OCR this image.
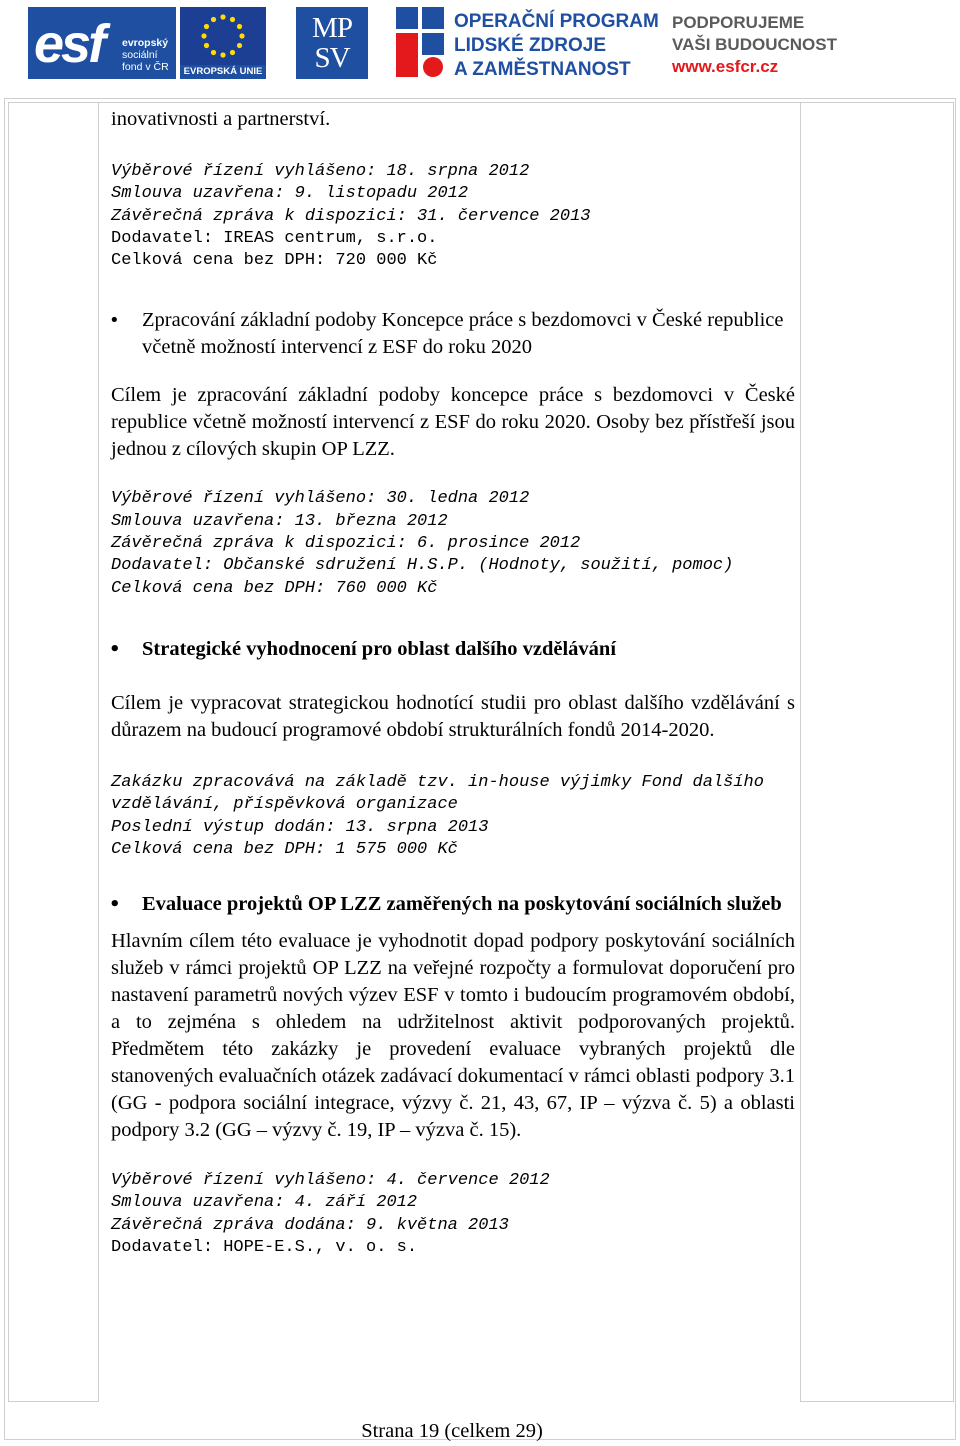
esf evropský
sociální
fond v ČR	EVROPSKÁ UNIE
MP
SV
OPERAČNÍ PROGRAM
LIDSKÉ ZDROJE
A ZAMĚSTNANOST
PODPORUJEME
VAŠI BUDOUCNOST
www.esfcr.cz

inovativnosti a partnerství.

Výběrové řízení vyhlášeno: 18. srpna 2012

Smlouva uzavřena: 9. listopadu 2012

Závěrečná zpráva k dispozici: 31. července 2013

Dodavatel: IREAS centrum, s.r.o.

Celková cena bez DPH: 720 000 Kč

• Zpracování základní podoby Koncepce práce s bezdomovci v České republice včetně možností intervencí z ESF do roku 2020

Cílem je zpracování základní podoby koncepce práce s bezdomovci v České republice včetně možností intervencí z ESF do roku 2020. Osoby bez přístřeší jsou jednou z cílových skupin OP LZZ.

Výběrové řízení vyhlášeno: 30. ledna 2012

Smlouva uzavřena: 13. března 2012

Závěrečná zpráva k dispozici: 6. prosince 2012

Dodavatel: Občanské sdružení H.S.P. (Hodnoty, soužití, pomoc)

Celková cena bez DPH: 760 000 Kč

• Strategické vyhodnocení pro oblast dalšího vzdělávání

Cílem je vypracovat strategickou hodnotící studii pro oblast dalšího vzdělávání s důrazem na budoucí programové období strukturálních fondů 2014-2020.

Zakázku zpracovává na základě tzv. in-house výjimky Fond dalšího vzdělávání, příspěvková organizace

Poslední výstup dodán: 13. srpna 2013

Celková cena bez DPH: 1 575 000 Kč

• Evaluace projektů OP LZZ zaměřených na poskytování sociálních služeb

Hlavním cílem této evaluace je vyhodnotit dopad podpory poskytování sociálních služeb v rámci projektů OP LZZ na veřejné rozpočty a formulovat doporučení pro nastavení parametrů nových výzev ESF v tomto i budoucím programovém období, a to zejména s ohledem na udržitelnost aktivit podporovaných projektů. Předmětem této zakázky je provedení evaluace vybraných projektů dle stanovených evaluačních otázek zadávací dokumentací v rámci oblasti podpory 3.1 (GG - podpora sociální integrace, výzvy č. 21, 43, 67, IP – výzva č. 5) a oblasti podpory 3.2 (GG – výzvy č. 19, IP – výzva č. 15).

Výběrové řízení vyhlášeno: 4. července 2012

Smlouva uzavřena: 4. září 2012

Závěrečná zpráva dodána: 9. května 2013

Dodavatel: HOPE-E.S., v. o. s.

Strana 19 (celkem 29)
